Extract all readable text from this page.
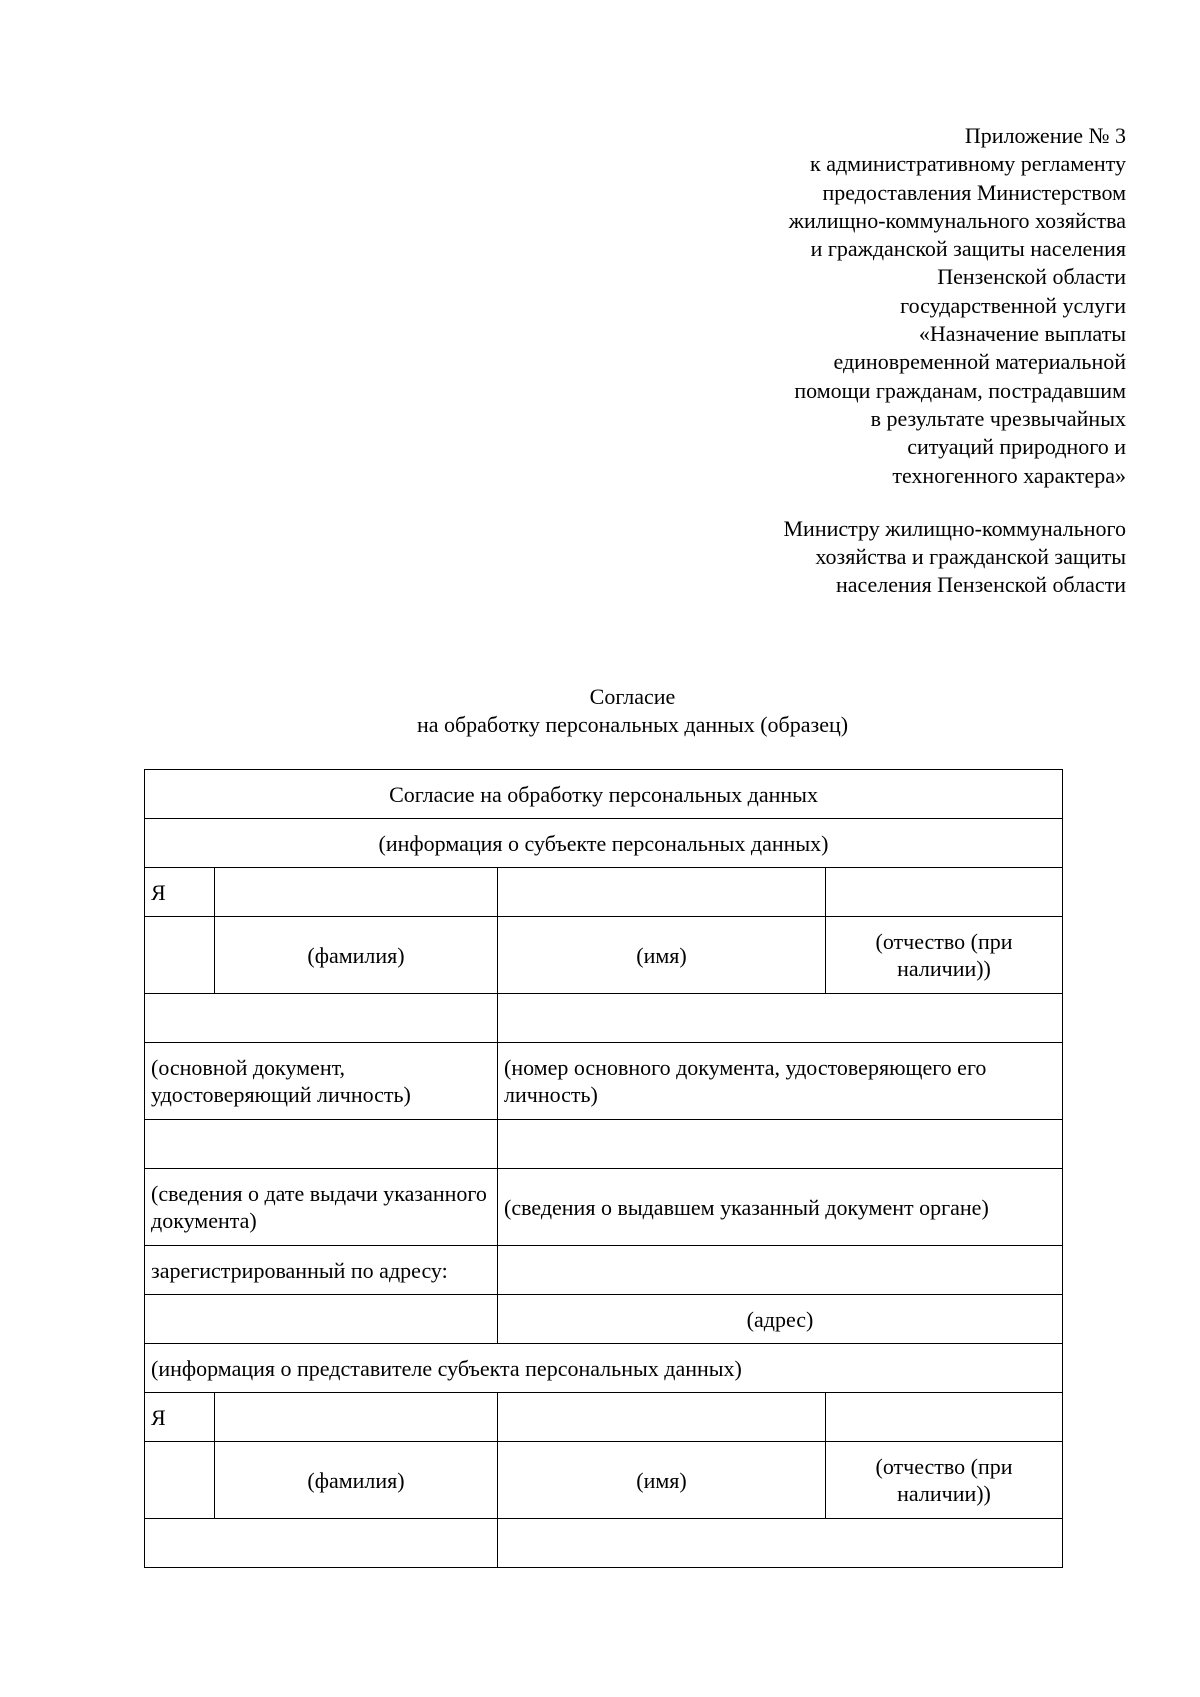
Приложение № 3
к административному регламенту
предоставления Министерством
жилищно-коммунального хозяйства
и гражданской защиты населения
Пензенской области
государственной услуги
«Назначение выплаты
единовременной материальной
помощи гражданам, пострадавшим
в результате чрезвычайных
ситуаций природного и
техногенного характера»
Министру жилищно-коммунального
хозяйства и гражданской защиты
населения Пензенской области
Согласие
на обработку персональных данных (образец)
Согласие на обработку персональных данных			
(информация о субъекте персональных данных)			
Я			
	(фамилия)	(имя)	(отчество (при наличии))

(основной документ, удостоверяющий личность)		(номер основного документа, удостоверяющего его личность)	

(сведения о дате выдачи указанного документа)		(сведения о выдавшем указанный документ органе)	
зарегистрированный по адресу:			
		(адрес)	
(информация о представителе субъекта персональных данных)			
Я			
	(фамилия)	(имя)	(отчество (при наличии))
